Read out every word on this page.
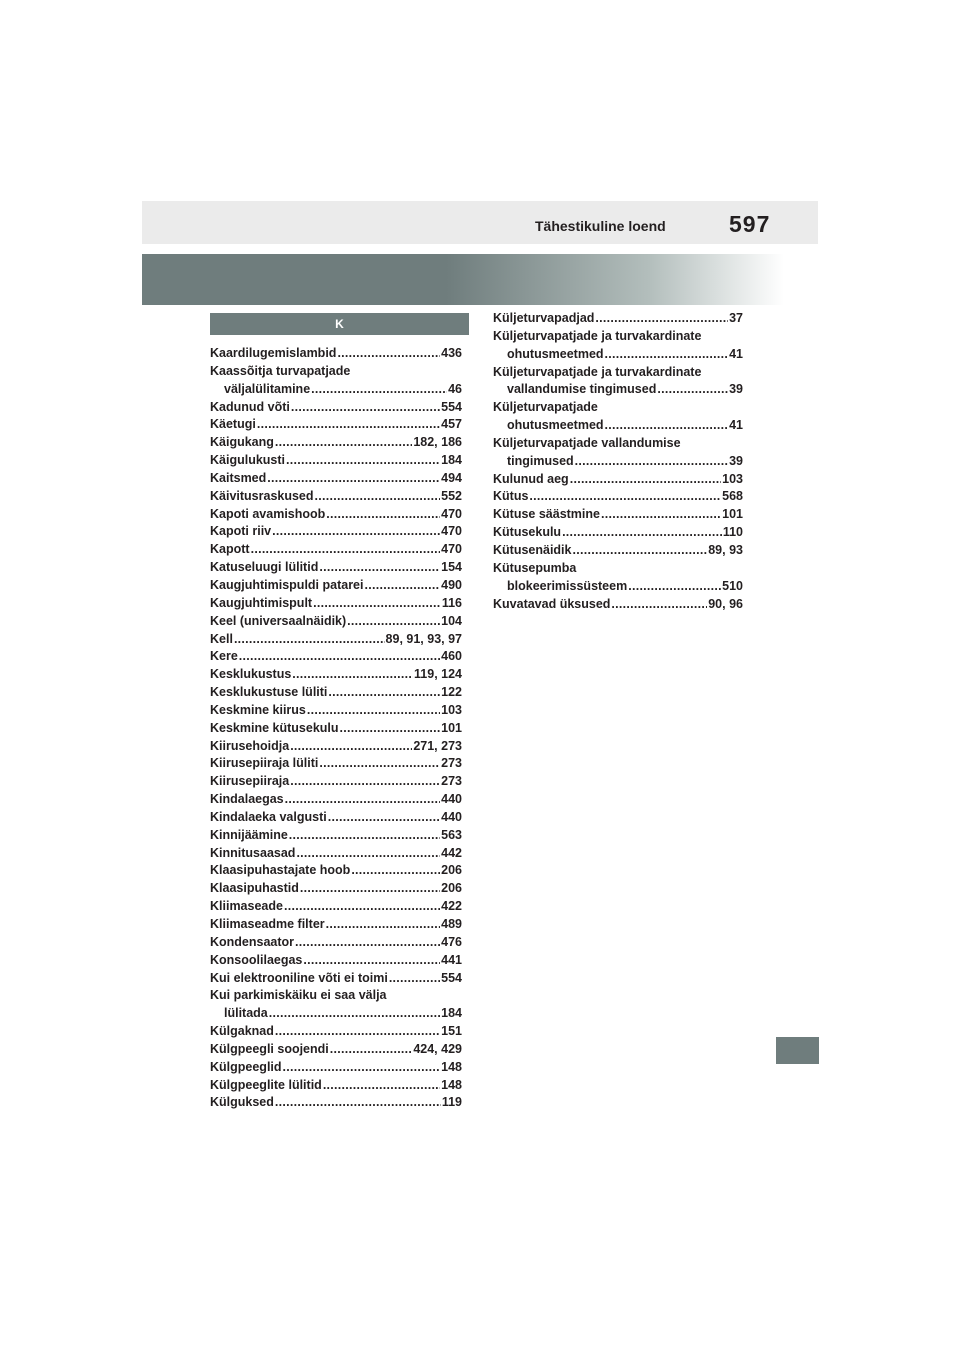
Tähestikuline loend	597
K
Kaardilugemislambid . . .	436
Kaassõitja turvapatjade
väljalülitamine . . .	46
Kadunud võti . . .	554
Käetugi . . .	457
Käigukang . . .	182, 186
Käigulukusti . . .	184
Kaitsmed . . .	494
Käivitusraskused . . .	552
Kapoti avamishoob . . .	470
Kapoti riiv . . .	470
Kapott . . .	470
Katuseluugi lülitid . . .	154
Kaugjuhtimispuldi patarei . . .	490
Kaugjuhtimispult . . .	116
Keel (universaalnäidik) . . .	104
Kell . . .	89, 91, 93, 97
Kere . . .	460
Kesklukustus . . .	119, 124
Kesklukustuse lüliti . . .	122
Keskmine kiirus . . .	103
Keskmine kütusekulu . . .	101
Kiirusehoidja . . .	271, 273
Kiirusepiiraja lüliti . . .	273
Kiirusepiiraja . . .	273
Kindalaegas . . .	440
Kindalaeka valgusti . . .	440
Kinnijäämine . . .	563
Kinnitusaasad . . .	442
Klaasipuhastajate hoob . . .	206
Klaasipuhastid . . .	206
Kliimaseade . . .	422
Kliimaseadme filter . . .	489
Kondensaator . . .	476
Konsoolilaegas . . .	441
Kui elektrooniline võti ei toimi . . .	554
Kui parkimiskäiku ei saa välja
lülitada . . .	184
Külgaknad . . .	151
Külgpeegli soojendi . . .	424, 429
Külgpeeglid . . .	148
Külgpeeglite lülitid . . .	148
Külguksed . . .	119
Küljeturvapadjad . . .	37
Küljeturvapatjade ja turvakardinate
ohutusmeetmed . . .	41
Küljeturvapatjade ja turvakardinate
vallandumise tingimused . . .	39
Küljeturvapatjade
ohutusmeetmed . . .	41
Küljeturvapatjade vallandumise
tingimused . . .	39
Kulunud aeg . . .	103
Kütus . . .	568
Kütuse säästmine . . .	101
Kütusekulu . . .	110
Kütusenäidik . . .	89, 93
Kütusepumba
blokeerimissüsteem . . .	510
Kuvatavad üksused . . .	90, 96
